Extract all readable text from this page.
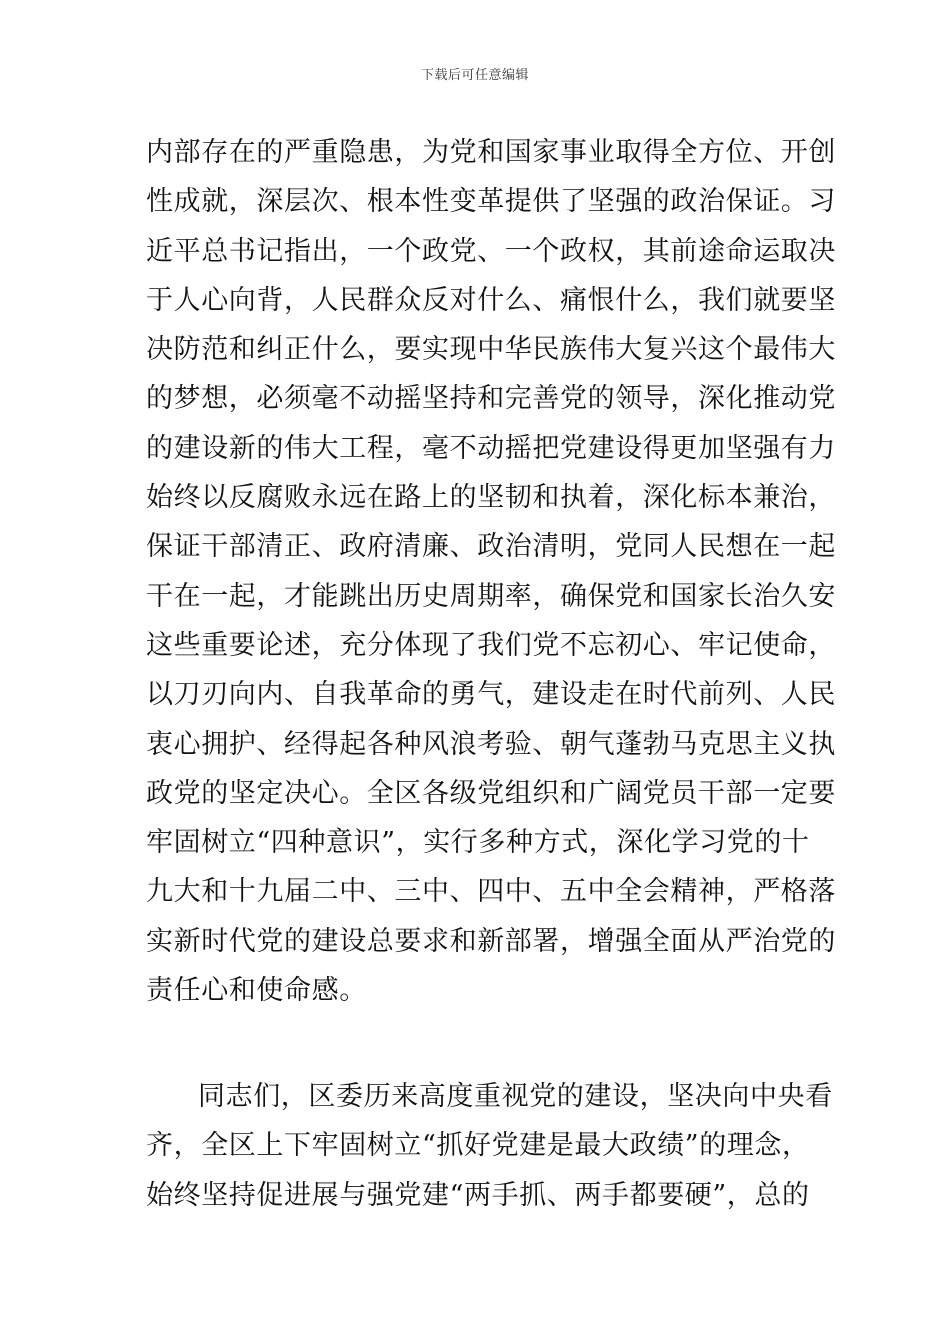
下载后可任意编辑
内部存在的严重隐患，为党和国家事业取得全方位、开创
性成就，深层次、根本性变革提供了坚强的政治保证。习
近平总书记指出，一个政党、一个政权，其前途命运取决
于人心向背，人民群众反对什么、痛恨什么，我们就要坚
决防范和纠正什么，要实现中华民族伟大复兴这个最伟大
的梦想，必须毫不动摇坚持和完善党的领导，深化推动党
的建设新的伟大工程，毫不动摇把党建设得更加坚强有力
始终以反腐败永远在路上的坚韧和执着，深化标本兼治，
保证干部清正、政府清廉、政治清明，党同人民想在一起
干在一起，才能跳出历史周期率，确保党和国家长治久安
这些重要论述，充分体现了我们党不忘初心、牢记使命，
以刀刃向内、自我革命的勇气，建设走在时代前列、人民
衷心拥护、经得起各种风浪考验、朝气蓬勃马克思主义执
政党的坚定决心。全区各级党组织和广阔党员干部一定要
牢固树立“四种意识”，实行多种方式，深化学习党的十
九大和十九届二中、三中、四中、五中全会精神，严格落
实新时代党的建设总要求和新部署，增强全面从严治党的
责任心和使命感。
同志们，区委历来高度重视党的建设，坚决向中央看
齐，全区上下牢固树立“抓好党建是最大政绩”的理念，
始终坚持促进展与强党建“两手抓、两手都要硬”，总的
